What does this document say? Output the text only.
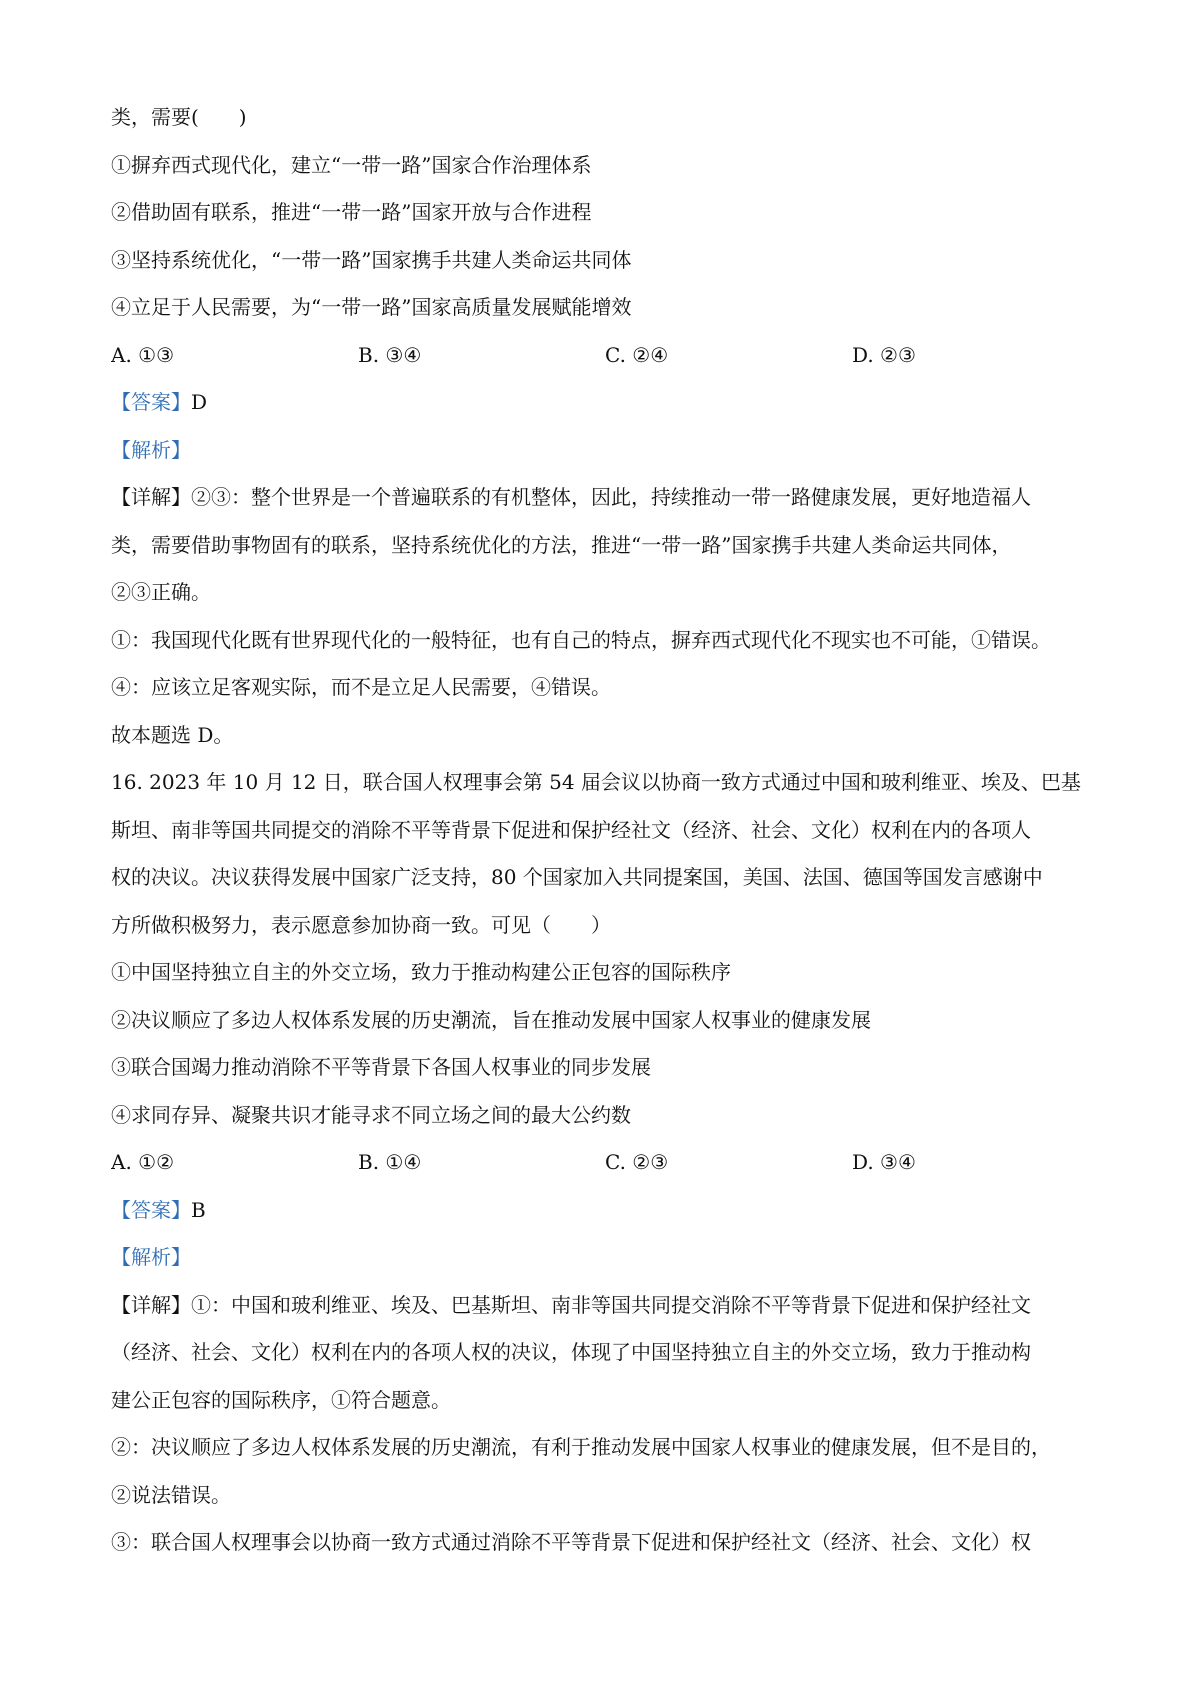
类，需要(　　)
①摒弃西式现代化，建立“一带一路”国家合作治理体系
②借助固有联系，推进“一带一路”国家开放与合作进程
③坚持系统优化，“一带一路”国家携手共建人类命运共同体
④立足于人民需要，为“一带一路”国家高质量发展赋能增效
A. ①③	B. ③④	C. ②④	D. ②③
【答案】D
【解析】
【详解】②③：整个世界是一个普遍联系的有机整体，因此，持续推动一带一路健康发展，更好地造福人
类，需要借助事物固有的联系，坚持系统优化的方法，推进“一带一路”国家携手共建人类命运共同体，
②③正确。
①：我国现代化既有世界现代化的一般特征，也有自己的特点，摒弃西式现代化不现实也不可能，①错误。
④：应该立足客观实际，而不是立足人民需要，④错误。
故本题选 D。
16. 2023 年 10 月 12 日，联合国人权理事会第 54 届会议以协商一致方式通过中国和玻利维亚、埃及、巴基
斯坦、南非等国共同提交的消除不平等背景下促进和保护经社文（经济、社会、文化）权利在内的各项人
权的决议。决议获得发展中国家广泛支持，80 个国家加入共同提案国，美国、法国、德国等国发言感谢中
方所做积极努力，表示愿意参加协商一致。可见（　　）
①中国坚持独立自主的外交立场，致力于推动构建公正包容的国际秩序
②决议顺应了多边人权体系发展的历史潮流，旨在推动发展中国家人权事业的健康发展
③联合国竭力推动消除不平等背景下各国人权事业的同步发展
④求同存异、凝聚共识才能寻求不同立场之间的最大公约数
A. ①②	B. ①④	C. ②③	D. ③④
【答案】B
【解析】
【详解】①：中国和玻利维亚、埃及、巴基斯坦、南非等国共同提交消除不平等背景下促进和保护经社文
（经济、社会、文化）权利在内的各项人权的决议，体现了中国坚持独立自主的外交立场，致力于推动构
建公正包容的国际秩序，①符合题意。
②：决议顺应了多边人权体系发展的历史潮流，有利于推动发展中国家人权事业的健康发展，但不是目的，
②说法错误。
③：联合国人权理事会以协商一致方式通过消除不平等背景下促进和保护经社文（经济、社会、文化）权
